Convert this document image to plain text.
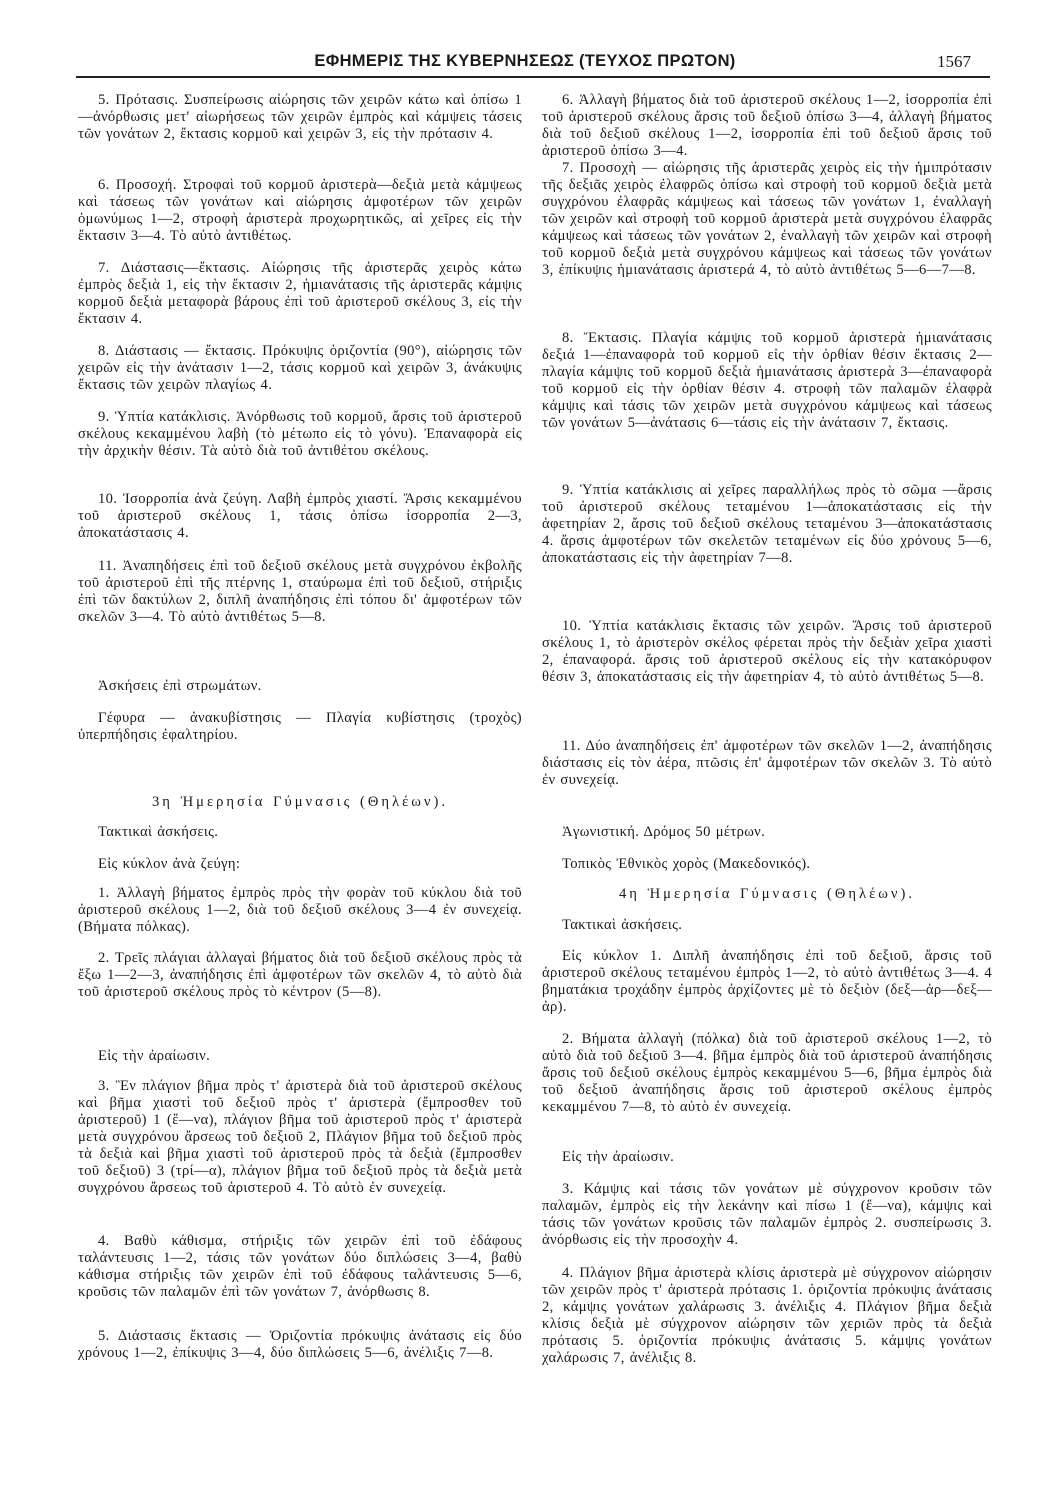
ΕΦΗΜΕΡΙΣ ΤΗΣ ΚΥΒΕΡΝΗΣΕΩΣ (ΤΕΥΧΟΣ ΠΡΩΤΟΝ)	1567

5. Πρότασις. Συσπείρωσις αἰώρησις τῶν χειρῶν κάτω καὶ ὀπίσω 1—ἀνόρθωσις μετ' αἰωρήσεως τῶν χειρῶν ἐμπρὸς καὶ κάμψεις τάσεις τῶν γονάτων 2, ἔκτασις κορμοῦ καὶ χειρῶν 3, εἰς τὴν πρότασιν 4.

6. Προσοχή. Στροφαὶ τοῦ κορμοῦ ἀριστερὰ—δεξιὰ μετὰ κάμψεως καὶ τάσεως τῶν γονάτων καὶ αἰώρησις ἀμφοτέρων τῶν χειρῶν ὁμωνύμως 1—2, στροφὴ ἀριστερὰ προχωρητικῶς, αἱ χεῖρες εἰς τὴν ἔκτασιν 3—4. Τὸ αὐτὸ ἀντιθέτως.

7. Διάστασις—ἔκτασις. Αἰώρησις τῆς ἀριστερᾶς χειρὸς κάτω ἐμπρὸς δεξιὰ 1, εἰς τὴν ἔκτασιν 2, ἡμιανάτασις τῆς ἀριστερᾶς κάμψις κορμοῦ δεξιὰ μεταφορὰ βάρους ἐπὶ τοῦ ἀριστεροῦ σκέλους 3, εἰς τὴν ἔκτασιν 4.

8. Διάστασις — ἔκτασις. Πρόκυψις ὁριζοντία (90°), αἰώρησις τῶν χειρῶν εἰς τὴν ἀνάτασιν 1—2, τάσις κορμοῦ καὶ χειρῶν 3, ἀνάκυψις ἔκτασις τῶν χειρῶν πλαγίως 4.

9. Ὑπτία κατάκλισις. Ἀνόρθωσις τοῦ κορμοῦ, ἄρσις τοῦ ἀριστεροῦ σκέλους κεκαμμένου λαβὴ (τὸ μέτωπο εἰς τὸ γόνυ). Ἐπαναφορὰ εἰς τὴν ἀρχικὴν θέσιν. Τὰ αὐτὸ διὰ τοῦ ἀντιθέτου σκέλους.

10. Ἰσορροπία ἀνὰ ζεύγη. Λαβὴ ἐμπρὸς χιαστί. Ἄρσις κεκαμμένου τοῦ ἀριστεροῦ σκέλους 1, τάσις ὀπίσω ἰσορροπία 2—3, ἀποκατάστασις 4.

11. Ἀναπηδήσεις ἐπὶ τοῦ δεξιοῦ σκέλους μετὰ συγχρόνου ἐκβολῆς τοῦ ἀριστεροῦ ἐπὶ τῆς πτέρνης 1, σταύρωμα ἐπὶ τοῦ δεξιοῦ, στήριξις ἐπὶ τῶν δακτύλων 2, διπλῆ ἀναπήδησις ἐπὶ τόπου δι' ἀμφοτέρων τῶν σκελῶν 3—4. Τὸ αὐτὸ ἀντιθέτως 5—8.

Ἀσκήσεις ἐπὶ στρωμάτων.

Γέφυρα — ἀνακυβίστησις — Πλαγία κυβίστησις (τροχὸς) ὑπερπήδησις ἐφαλτηρίου.

3η Ἡμερησία Γύμνασις (Θηλέων).

Τακτικαὶ ἀσκήσεις.

Εἰς κύκλον ἀνὰ ζεύγη:

1. Ἀλλαγὴ βήματος ἐμπρὸς πρὸς τὴν φορὰν τοῦ κύκλου διὰ τοῦ ἀριστεροῦ σκέλους 1—2, διὰ τοῦ δεξιοῦ σκέλους 3—4 ἐν συνεχείᾳ. (Βήματα πόλκας).

2. Τρεῖς πλάγιαι ἀλλαγαὶ βήματος διὰ τοῦ δεξιοῦ σκέλους πρὸς τὰ ἔξω 1—2—3, ἀναπήδησις ἐπὶ ἀμφοτέρων τῶν σκελῶν 4, τὸ αὐτὸ διὰ τοῦ ἀριστεροῦ σκέλους πρὸς τὸ κέντρον (5—8).

Εἰς τὴν ἀραίωσιν.

3. Ἓν πλάγιον βῆμα πρὸς τ' ἀριστερὰ διὰ τοῦ ἀριστεροῦ σκέλους καὶ βῆμα χιαστὶ τοῦ δεξιοῦ πρὸς τ' ἀριστερὰ (ἔμπροσθεν τοῦ ἀριστεροῦ) 1 (ἕ—να), πλάγιον βῆμα τοῦ ἀριστεροῦ πρὸς τ' ἀριστερὰ μετὰ συγχρόνου ἄρσεως τοῦ δεξιοῦ 2, Πλάγιον βῆμα τοῦ δεξιοῦ πρὸς τὰ δεξιὰ καὶ βῆμα χιαστὶ τοῦ ἀριστεροῦ πρὸς τὰ δεξιὰ (ἔμπροσθεν τοῦ δεξιοῦ) 3 (τρί—α), πλάγιον βῆμα τοῦ δεξιοῦ πρὸς τὰ δεξιὰ μετὰ συγχρόνου ἄρσεως τοῦ ἀριστεροῦ 4. Τὸ αὐτὸ ἐν συνεχείᾳ.

4. Βαθὺ κάθισμα, στήριξις τῶν χειρῶν ἐπὶ τοῦ ἐδάφους ταλάντευσις 1—2, τάσις τῶν γονάτων δύο διπλώσεις 3—4, βαθὺ κάθισμα στήριξις τῶν χειρῶν ἐπὶ τοῦ ἐδάφους ταλάντευσις 5—6, κροῦσις τῶν παλαμῶν ἐπὶ τῶν γονάτων 7, ἀνόρθωσις 8.

5. Διάστασις ἔκτασις — Ὁριζοντία πρόκυψις ἀνάτασις εἰς δύο χρόνους 1—2, ἐπίκυψις 3—4, δύο διπλώσεις 5—6, ἀνέλιξις 7—8.

6. Ἀλλαγὴ βήματος διὰ τοῦ ἀριστεροῦ σκέλους 1—2, ἰσορροπία ἐπὶ τοῦ ἀριστεροῦ σκέλους ἄρσις τοῦ δεξιοῦ ὀπίσω 3—4, ἀλλαγὴ βήματος διὰ τοῦ δεξιοῦ σκέλους 1—2, ἰσορροπία ἐπὶ τοῦ δεξιοῦ ἄρσις τοῦ ἀριστεροῦ ὀπίσω 3—4.

7. Προσοχὴ — αἰώρησις τῆς ἀριστερᾶς χειρὸς εἰς τὴν ἡμιπρότασιν τῆς δεξιᾶς χειρὸς ἐλαφρῶς ὀπίσω καὶ στροφὴ τοῦ κορμοῦ δεξιὰ μετὰ συγχρόνου ἐλαφρᾶς κάμψεως καὶ τάσεως τῶν γονάτων 1, ἐναλλαγὴ τῶν χειρῶν καὶ στροφὴ τοῦ κορμοῦ ἀριστερὰ μετὰ συγχρόνου ἐλαφρᾶς κάμψεως καὶ τάσεως τῶν γονάτων 2, ἐναλλαγὴ τῶν χειρῶν καὶ στροφὴ τοῦ κορμοῦ δεξιὰ μετὰ συγχρόνου κάμψεως καὶ τάσεως τῶν γονάτων 3, ἐπίκυψις ἡμιανάτασις ἀριστερά 4, τὸ αὐτὸ ἀντιθέτως 5—6—7—8.

8. Ἔκτασις. Πλαγία κάμψις τοῦ κορμοῦ ἀριστερὰ ἡμιανάτασις δεξιά 1—ἐπαναφορὰ τοῦ κορμοῦ εἰς τὴν ὀρθίαν θέσιν ἔκτασις 2—πλαγία κάμψις τοῦ κορμοῦ δεξιὰ ἡμιανάτασις ἀριστερὰ 3—ἐπαναφορὰ τοῦ κορμοῦ εἰς τὴν ὀρθίαν θέσιν 4. στροφὴ τῶν παλαμῶν ἐλαφρὰ κάμψις καὶ τάσις τῶν χειρῶν μετὰ συγχρόνου κάμψεως καὶ τάσεως τῶν γονάτων 5—ἀνάτασις 6—τάσις εἰς τὴν ἀνάτασιν 7, ἔκτασις.

9. Ὑπτία κατάκλισις αἱ χεῖρες παραλλήλως πρὸς τὸ σῶμα —ἄρσις τοῦ ἀριστεροῦ σκέλους τεταμένου 1—ἀποκατάστασις εἰς τὴν ἀφετηρίαν 2, ἄρσις τοῦ δεξιοῦ σκέλους τεταμένου 3—ἀποκατάστασις 4. ἄρσις ἀμφοτέρων τῶν σκελετῶν τεταμένων εἰς δύο χρόνους 5—6, ἀποκατάστασις εἰς τὴν ἀφετηρίαν 7—8.

10. Ὑπτία κατάκλισις ἔκτασις τῶν χειρῶν. Ἄρσις τοῦ ἀριστεροῦ σκέλους 1, τὸ ἀριστερὸν σκέλος φέρεται πρὸς τὴν δεξιὰν χεῖρα χιαστὶ 2, ἐπαναφορά. ἄρσις τοῦ ἀριστεροῦ σκέλους εἰς τὴν κατακόρυφον θέσιν 3, ἀποκατάστασις εἰς τὴν ἀφετηρίαν 4, τὸ αὐτὸ ἀντιθέτως 5—8.

11. Δύο ἀναπηδήσεις ἐπ' ἀμφοτέρων τῶν σκελῶν 1—2, ἀναπήδησις διάστασις εἰς τὸν ἀέρα, πτῶσις ἐπ' ἀμφοτέρων τῶν σκελῶν 3. Τὸ αὐτὸ ἐν συνεχείᾳ.

Ἀγωνιστική. Δρόμος 50 μέτρων.

Τοπικὸς Ἐθνικὸς χορὸς (Μακεδονικός).

4η Ἡμερησία Γύμνασις (Θηλέων).

Τακτικαὶ ἀσκήσεις.

Εἰς κύκλον 1. Διπλῆ ἀναπήδησις ἐπὶ τοῦ δεξιοῦ, ἄρσις τοῦ ἀριστεροῦ σκέλους τεταμένου ἐμπρὸς 1—2, τὸ αὐτὸ ἀντιθέτως 3—4. 4 βηματάκια τροχάδην ἐμπρὸς ἀρχίζοντες μὲ τὸ δεξιὸν (δεξ—ἀρ—δεξ—ἀρ).

2. Βήματα ἀλλαγὴ (πόλκα) διὰ τοῦ ἀριστεροῦ σκέλους 1—2, τὸ αὐτὸ διὰ τοῦ δεξιοῦ 3—4. βῆμα ἐμπρὸς διὰ τοῦ ἀριστεροῦ ἀναπήδησις ἄρσις τοῦ δεξιοῦ σκέλους ἐμπρὸς κεκαμμένου 5—6, βῆμα ἐμπρὸς διὰ τοῦ δεξιοῦ ἀναπήδησις ἄρσις τοῦ ἀριστεροῦ σκέλους ἐμπρὸς κεκαμμένου 7—8, τὸ αὐτὸ ἐν συνεχείᾳ.

Εἰς τὴν ἀραίωσιν.

3. Κάμψις καὶ τάσις τῶν γονάτων μὲ σύγχρονον κροῦσιν τῶν παλαμῶν, ἐμπρὸς εἰς τὴν λεκάνην καὶ πίσω 1 (ἕ—να), κάμψις καὶ τάσις τῶν γονάτων κροῦσις τῶν παλαμῶν ἐμπρὸς 2. συσπείρωσις 3. ἀνόρθωσις εἰς τὴν προσοχὴν 4.

4. Πλάγιον βῆμα ἀριστερὰ κλίσις ἀριστερὰ μὲ σύγχρονον αἰώρησιν τῶν χειρῶν πρὸς τ' ἀριστερὰ πρότασις 1. ὁριζοντία πρόκυψις ἀνάτασις 2, κάμψις γονάτων χαλάρωσις 3. ἀνέλιξις 4. Πλάγιον βῆμα δεξιὰ κλίσις δεξιὰ μὲ σύγχρονον αἰώρησιν τῶν χεριῶν πρὸς τὰ δεξιὰ πρότασις 5. ὁριζοντία πρόκυψις ἀνάτασις 5. κάμψις γονάτων χαλάρωσις 7, ἀνέλιξις 8.
